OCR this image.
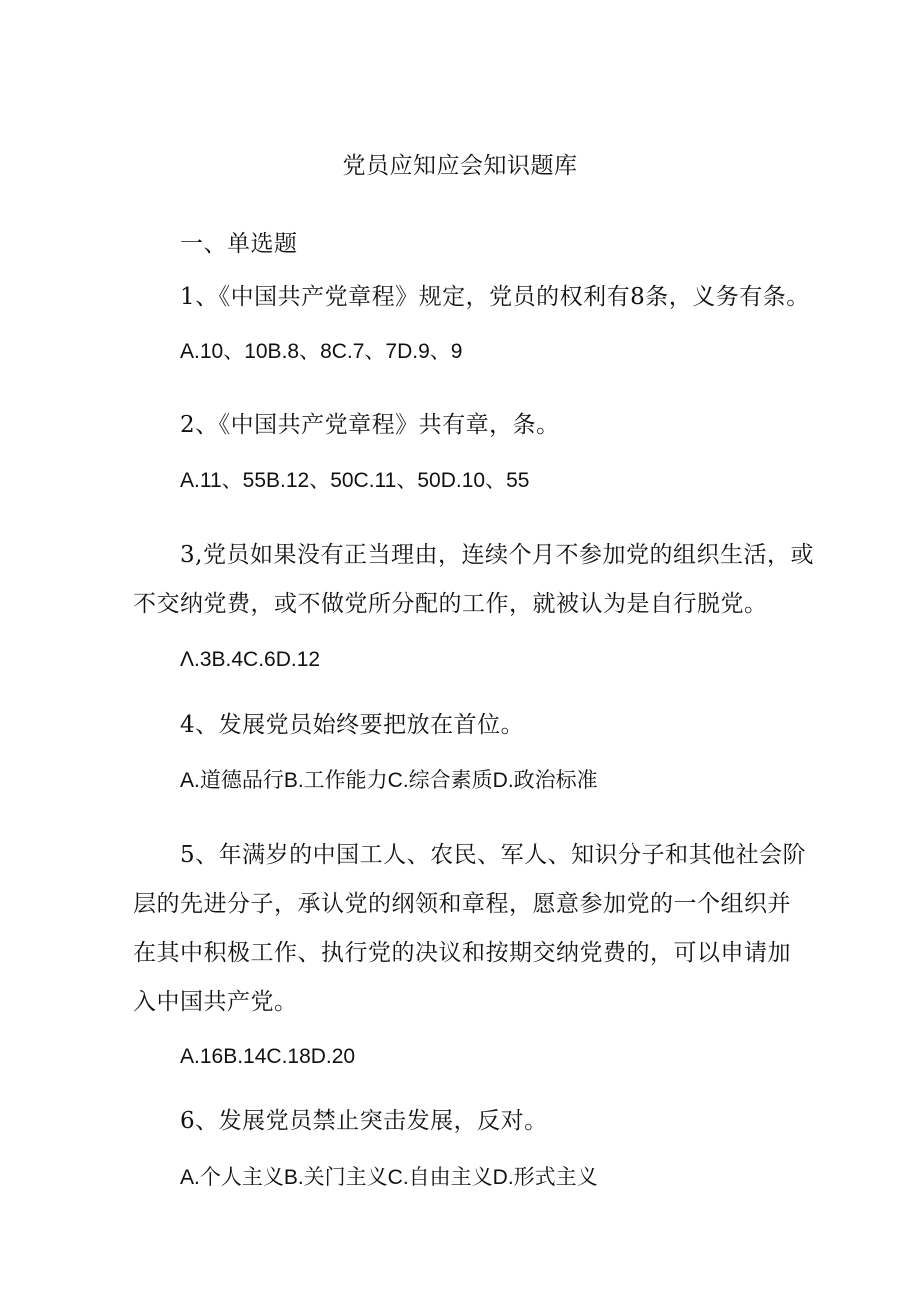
党员应知应会知识题库
一、单选题
1、《中国共产党章程》规定，党员的权利有8条，义务有条。
A.10、10B.8、8C.7、7D.9、9
2、《中国共产党章程》共有章，条。
A.11、55B.12、50C.11、50D.10、55
3,党员如果没有正当理由，连续个月不参加党的组织生活，或
不交纳党费，或不做党所分配的工作，就被认为是自行脱党。
Λ.3B.4C.6D.12
4、发展党员始终要把放在首位。
A.道德品行B.工作能力C.综合素质D.政治标准
5、年满岁的中国工人、农民、军人、知识分子和其他社会阶
层的先进分子，承认党的纲领和章程，愿意参加党的一个组织并
在其中积极工作、执行党的决议和按期交纳党费的，可以申请加
入中国共产党。
A.16B.14C.18D.20
6、发展党员禁止突击发展，反对。
A.个人主义B.关门主义C.自由主义D.形式主义
